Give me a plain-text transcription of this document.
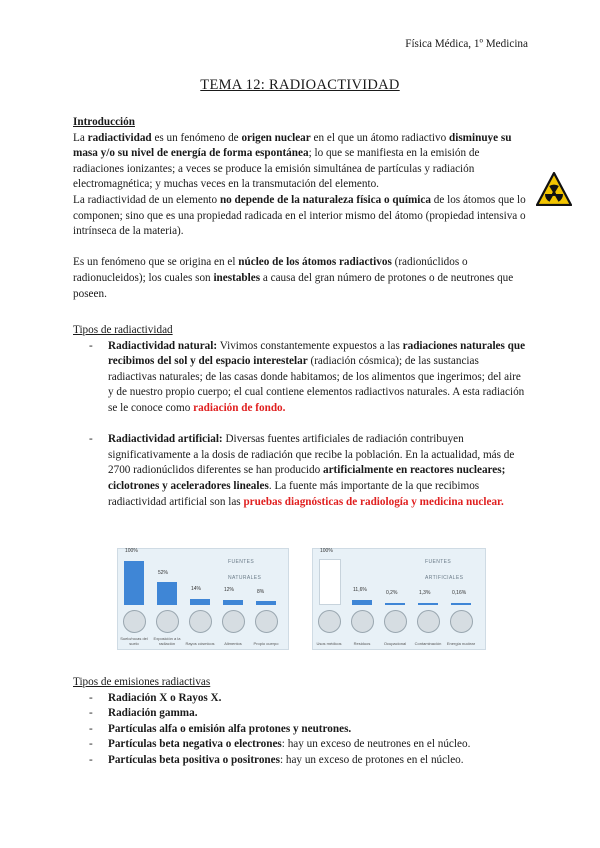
Física Médica, 1º Medicina
TEMA 12: RADIOACTIVIDAD
Introducción
La radiactividad es un fenómeno de origen nuclear en el que un átomo radiactivo disminuye su masa y/o su nivel de energía de forma espontánea; lo que se manifiesta en la emisión de radiaciones ionizantes; a veces se produce la emisión simultánea de partículas y radiación electromagnética; y muchas veces en la transmutación del elemento.
La radiactividad de un elemento no depende de la naturaleza física o química de los átomos que lo componen; sino que es una propiedad radicada en el interior mismo del átomo (propiedad intensiva o intrínseca de la materia).
Es un fenómeno que se origina en el núcleo de los átomos radiactivos (radionúclidos o radionucleidos); los cuales son inestables a causa del gran número de protones o de neutrones que poseen.
Tipos de radiactividad
- Radiactividad natural: Vivimos constantemente expuestos a las radiaciones naturales que recibimos del sol y del espacio interestelar (radiación cósmica); de las sustancias radiactivas naturales; de las casas donde habitamos; de los alimentos que ingerimos; del aire y de nuestro propio cuerpo; el cual contiene elementos radiactivos naturales. A esta radiación se le conoce como radiación de fondo.
- Radiactividad artificial: Diversas fuentes artificiales de radiación contribuyen significativamente a la dosis de radiación que recibe la población. En la actualidad, más de 2700 radionúclidos diferentes se han producido artificialmente en reactores nucleares; ciclotrones y aceleradores lineales. La fuente más importante de la que recibimos radiactividad artificial son las pruebas diagnósticas de radiología y medicina nuclear.
FUENTES NATURALES
100%
Suelo/rocas del suelo
52%
Exposición a la radiación
14%
Rayos cósmicos
12%
Alimentos
8%
Propio cuerpo
FUENTES ARTIFICIALES
100%
Usos médicos
11,6%
Residuos
0,2%
Ocupacional
1,3%
Contaminación
0,16%
Energía nuclear
Tipos de emisiones radiactivas
- Radiación X o Rayos X.
- Radiación gamma.
- Partículas alfa o emisión alfa protones y neutrones.
- Partículas beta negativa o electrones: hay un exceso de neutrones en el núcleo.
- Partículas beta positiva o positrones: hay un exceso de protones en el núcleo.
